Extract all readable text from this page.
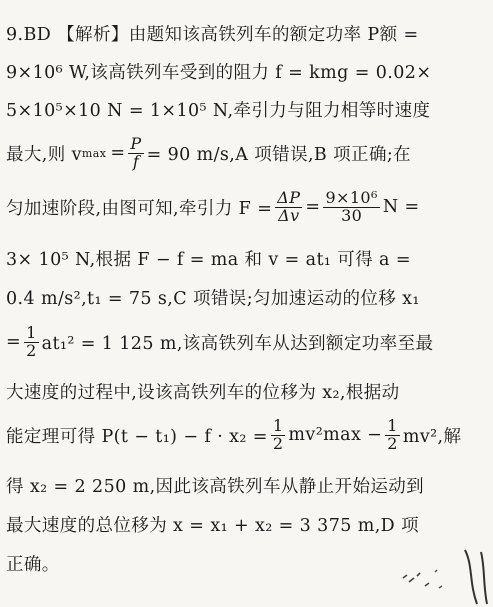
9.BD 【解析】由题知该高铁列车的额定功率 P额 =
9×10⁶ W,该高铁列车受到的阻力 f = kmg = 0.02×
5×10⁵×10 N = 1×10⁵ N,牵引力与阻力相等时速度
最大,则 v $\max = \frac{P}{f} = 90$ m/s,A 项错误,B 项正确;在
匀加速阶段,由图可知,牵引力 $F = \frac{\Delta P}{\Delta v} = \frac{\text{9×10⁶}}{30}$ N =
3× 10⁵ N,根据 F − f = ma 和 v = at₁ 可得 a =
0.4 m/s²,t₁ = 75 s,C 项错误;匀加速运动的位移 x₁
= $\frac{1}{2} at_1^2 = 1$ 125 m,该高铁列车从达到额定功率至最
大速度的过程中,设该高铁列车的位移为 x₂,根据动
能定理可得 $P(t - t_1) - f \cdot x_2 = \frac{1}{2} mv^2\max - \frac{1}{2} mv^2$,解
得 x₂ = 2 250 m,因此该高铁列车从静止开始运动到
最大速度的总位移为 x = x₁ + x₂ = 3 375 m,D 项
正确。
